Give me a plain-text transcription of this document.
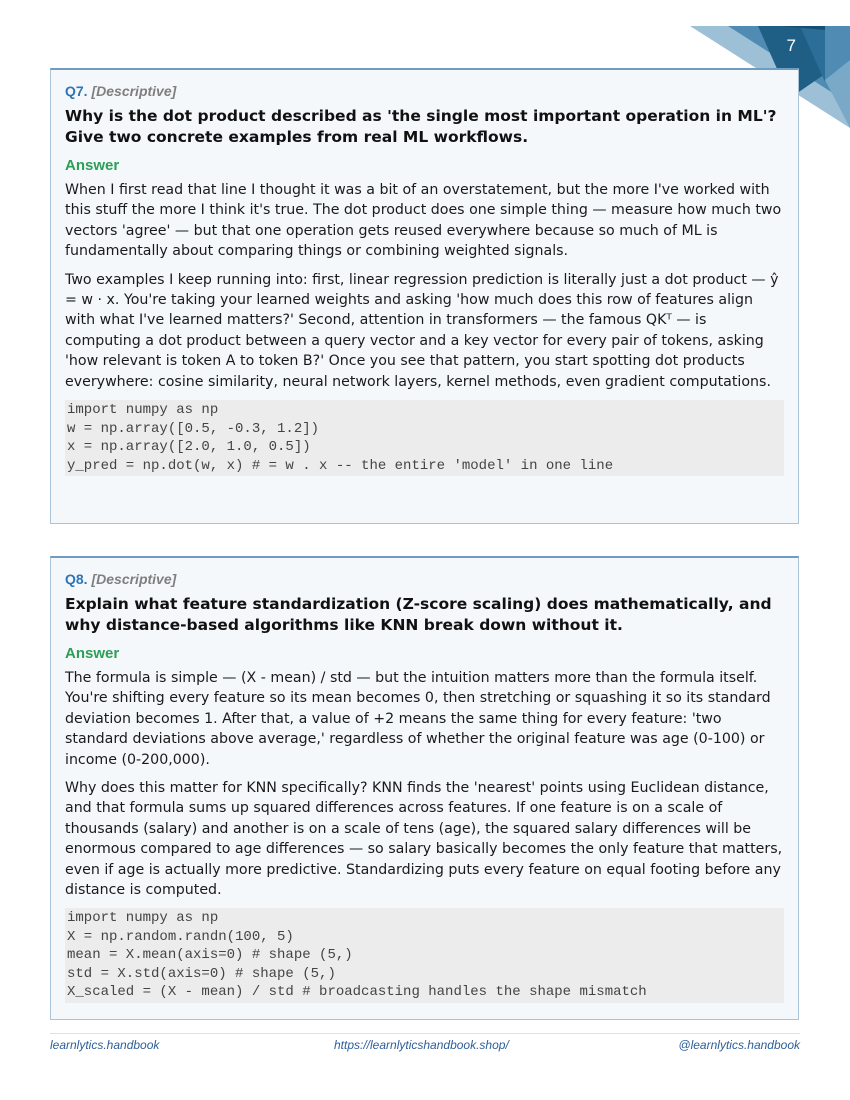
7
Q7. [Descriptive]
Why is the dot product described as 'the single most important operation in ML'? Give two concrete examples from real ML workflows.
Answer

When I first read that line I thought it was a bit of an overstatement, but the more I've worked with this stuff the more I think it's true. The dot product does one simple thing — measure how much two vectors 'agree' — but that one operation gets reused everywhere because so much of ML is fundamentally about comparing things or combining weighted signals.

Two examples I keep running into: first, linear regression prediction is literally just a dot product — ŷ = w · x. You're taking your learned weights and asking 'how much does this row of features align with what I've learned matters?' Second, attention in transformers — the famous QKᵀ — is computing a dot product between a query vector and a key vector for every pair of tokens, asking 'how relevant is token A to token B?' Once you see that pattern, you start spotting dot products everywhere: cosine similarity, neural network layers, kernel methods, even gradient computations.

import numpy as np
w = np.array([0.5, -0.3, 1.2])
x = np.array([2.0, 1.0, 0.5])
y_pred = np.dot(w, x) # = w . x -- the entire 'model' in one line
Q8. [Descriptive]
Explain what feature standardization (Z-score scaling) does mathematically, and why distance-based algorithms like KNN break down without it.
Answer

The formula is simple — (X - mean) / std — but the intuition matters more than the formula itself. You're shifting every feature so its mean becomes 0, then stretching or squashing it so its standard deviation becomes 1. After that, a value of +2 means the same thing for every feature: 'two standard deviations above average,' regardless of whether the original feature was age (0-100) or income (0-200,000).

Why does this matter for KNN specifically? KNN finds the 'nearest' points using Euclidean distance, and that formula sums up squared differences across features. If one feature is on a scale of thousands (salary) and another is on a scale of tens (age), the squared salary differences will be enormous compared to age differences — so salary basically becomes the only feature that matters, even if age is actually more predictive. Standardizing puts every feature on equal footing before any distance is computed.

import numpy as np
X = np.random.randn(100, 5)
mean = X.mean(axis=0) # shape (5,)
std = X.std(axis=0) # shape (5,)
X_scaled = (X - mean) / std # broadcasting handles the shape mismatch
learnlytics.handbook	https://learnlyticshandbook.shop/	@learnlytics.handbook
